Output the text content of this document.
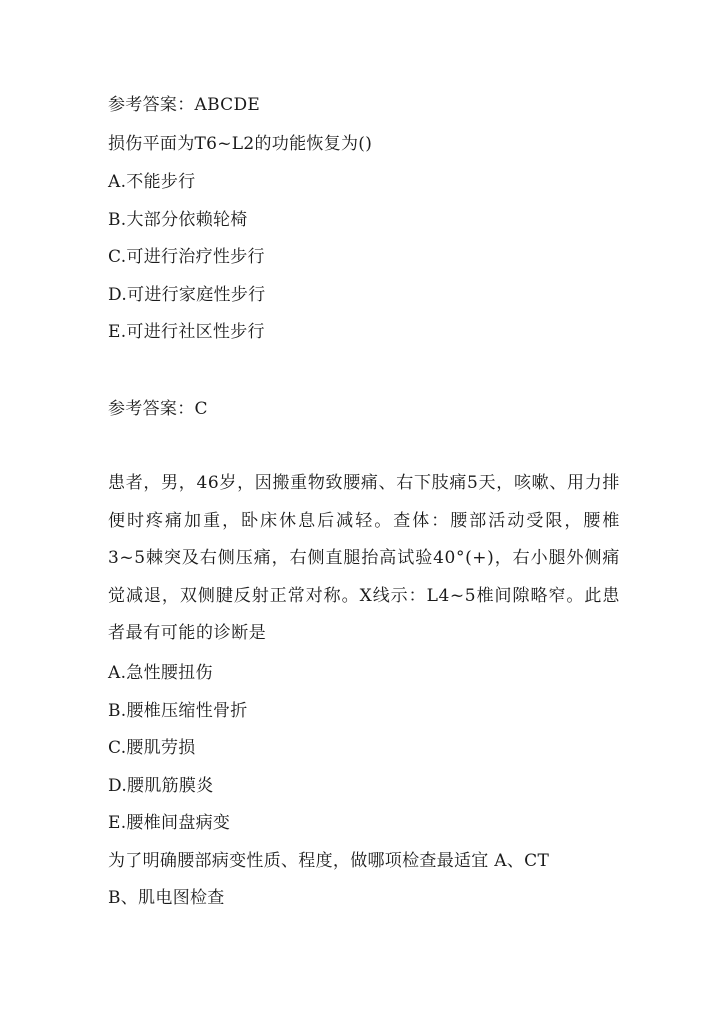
参考答案：ABCDE
损伤平面为T6~L2的功能恢复为()
A.不能步行
B.大部分依赖轮椅
C.可进行治疗性步行
D.可进行家庭性步行
E.可进行社区性步行
参考答案：C

患者，男，46岁，因搬重物致腰痛、右下肢痛5天，咳嗽、用力排便时疼痛加重，卧床休息后减轻。查体：腰部活动受限，腰椎3~5棘突及右侧压痛，右侧直腿抬高试验40°(+)，右小腿外侧痛觉减退，双侧腱反射正常对称。X线示：L4~5椎间隙略窄。此患者最有可能的诊断是

A.急性腰扭伤
B.腰椎压缩性骨折
C.腰肌劳损
D.腰肌筋膜炎
E.腰椎间盘病变
为了明确腰部病变性质、程度，做哪项检查最适宜 A、CT
B、肌电图检查
